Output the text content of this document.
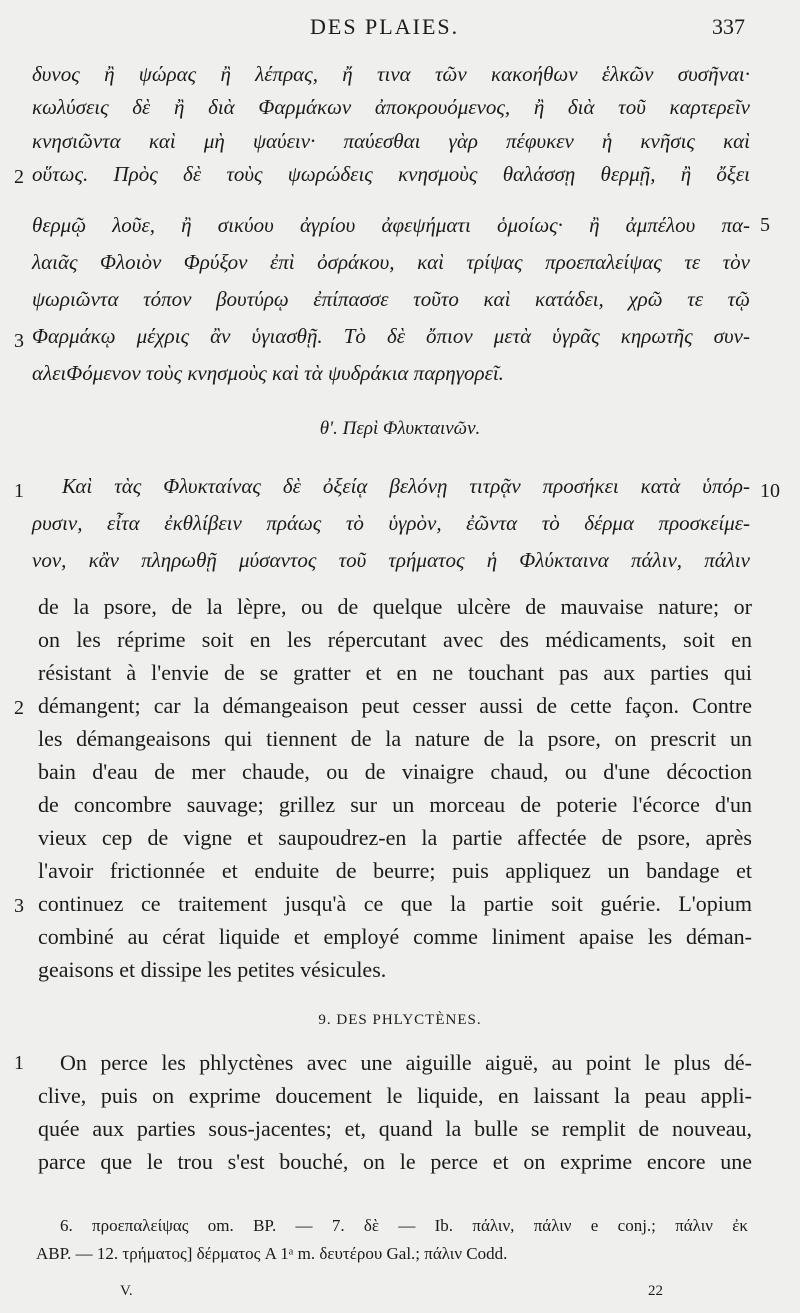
DES PLAIES.	337
δυνος ἢ ψώρας ἢ λέπρας, ἤ τινα τῶν κακοήθων ἑλκῶν συσῆναι·
κωλύσεις δὲ ἢ διὰ Φαρμάκων ἀποκρουόμενος, ἢ διὰ τοῦ καρτερεῖν
κνησιῶντα καὶ μὴ ψαύειν· παύεσθαι γὰρ πέφυκεν ἡ κνῆσις καὶ
οὕτως. Πρὸς δὲ τοὺς ψωρώδεις κνησμοὺς θαλάσσῃ θερμῇ, ἢ ὄξει
θερμῷ λοῦε, ἢ σικύου ἀγρίου ἀφεψήματι ὁμοίως· ἢ ἀμπέλου πα-
λαιᾶς Φλοιὸν Φρύξον ἐπὶ ὀσράκου, καὶ τρίψας προεπαλείψας τε τὸν
ψωριῶντα τόπον βουτύρῳ ἐπίπασσε τοῦτο καὶ κατάδει, χρῶ τε τῷ
Φαρμάκῳ μέχρις ἂν ὑγιασθῇ. Τὸ δὲ ὄπιον μετὰ ὑγρᾶς κηρωτῆς συν-
αλειΦόμενον τοὺς κνησμοὺς καὶ τὰ ψυδράκια παρηγορεῖ.
2
5
3
θ'. Περὶ Φλυκταινῶν.
Καὶ τὰς Φλυκταίνας δὲ ὀξείᾳ βελόνῃ τιτρᾷν προσήκει κατὰ ὑπόρ-
ρυσιν, εἶτα ἐκθλίβειν πράως τὸ ὑγρὸν, ἐῶντα τὸ δέρμα προσκείμε-
νον, κἂν πληρωθῇ μύσαντος τοῦ τρήματος ἡ Φλύκταινα πάλιν, πάλιν
1	10
de la psore, de la lèpre, ou de quelque ulcère de mauvaise nature; or
on les réprime soit en les répercutant avec des médicaments, soit en
résistant à l'envie de se gratter et en ne touchant pas aux parties qui
démangent; car la démangeaison peut cesser aussi de cette façon. Contre
les démangeaisons qui tiennent de la nature de la psore, on prescrit un
bain d'eau de mer chaude, ou de vinaigre chaud, ou d'une décoction
de concombre sauvage; grillez sur un morceau de poterie l'écorce d'un
vieux cep de vigne et saupoudrez-en la partie affectée de psore, après
l'avoir frictionnée et enduite de beurre; puis appliquez un bandage et
continuez ce traitement jusqu'à ce que la partie soit guérie. L'opium
combiné au cérat liquide et employé comme liniment apaise les déman-
geaisons et dissipe les petites vésicules.
2
3
9. DES PHLYCTÈNES.
On perce les phlyctènes avec une aiguille aiguë, au point le plus dé-
clive, puis on exprime doucement le liquide, en laissant la peau appli-
quée aux parties sous-jacentes; et, quand la bulle se remplit de nouveau,
parce que le trou s'est bouché, on le perce et on exprime encore une
1
6. προεπαλείψας om. BP. — 7. δὲ — Ib. πάλιν, πάλιν e conj.; πάλιν ἐκ
ABP. — 12. τρήματος] δέρματος A 1ᵃ m. δευτέρου Gal.; πάλιν Codd.
V.	22
